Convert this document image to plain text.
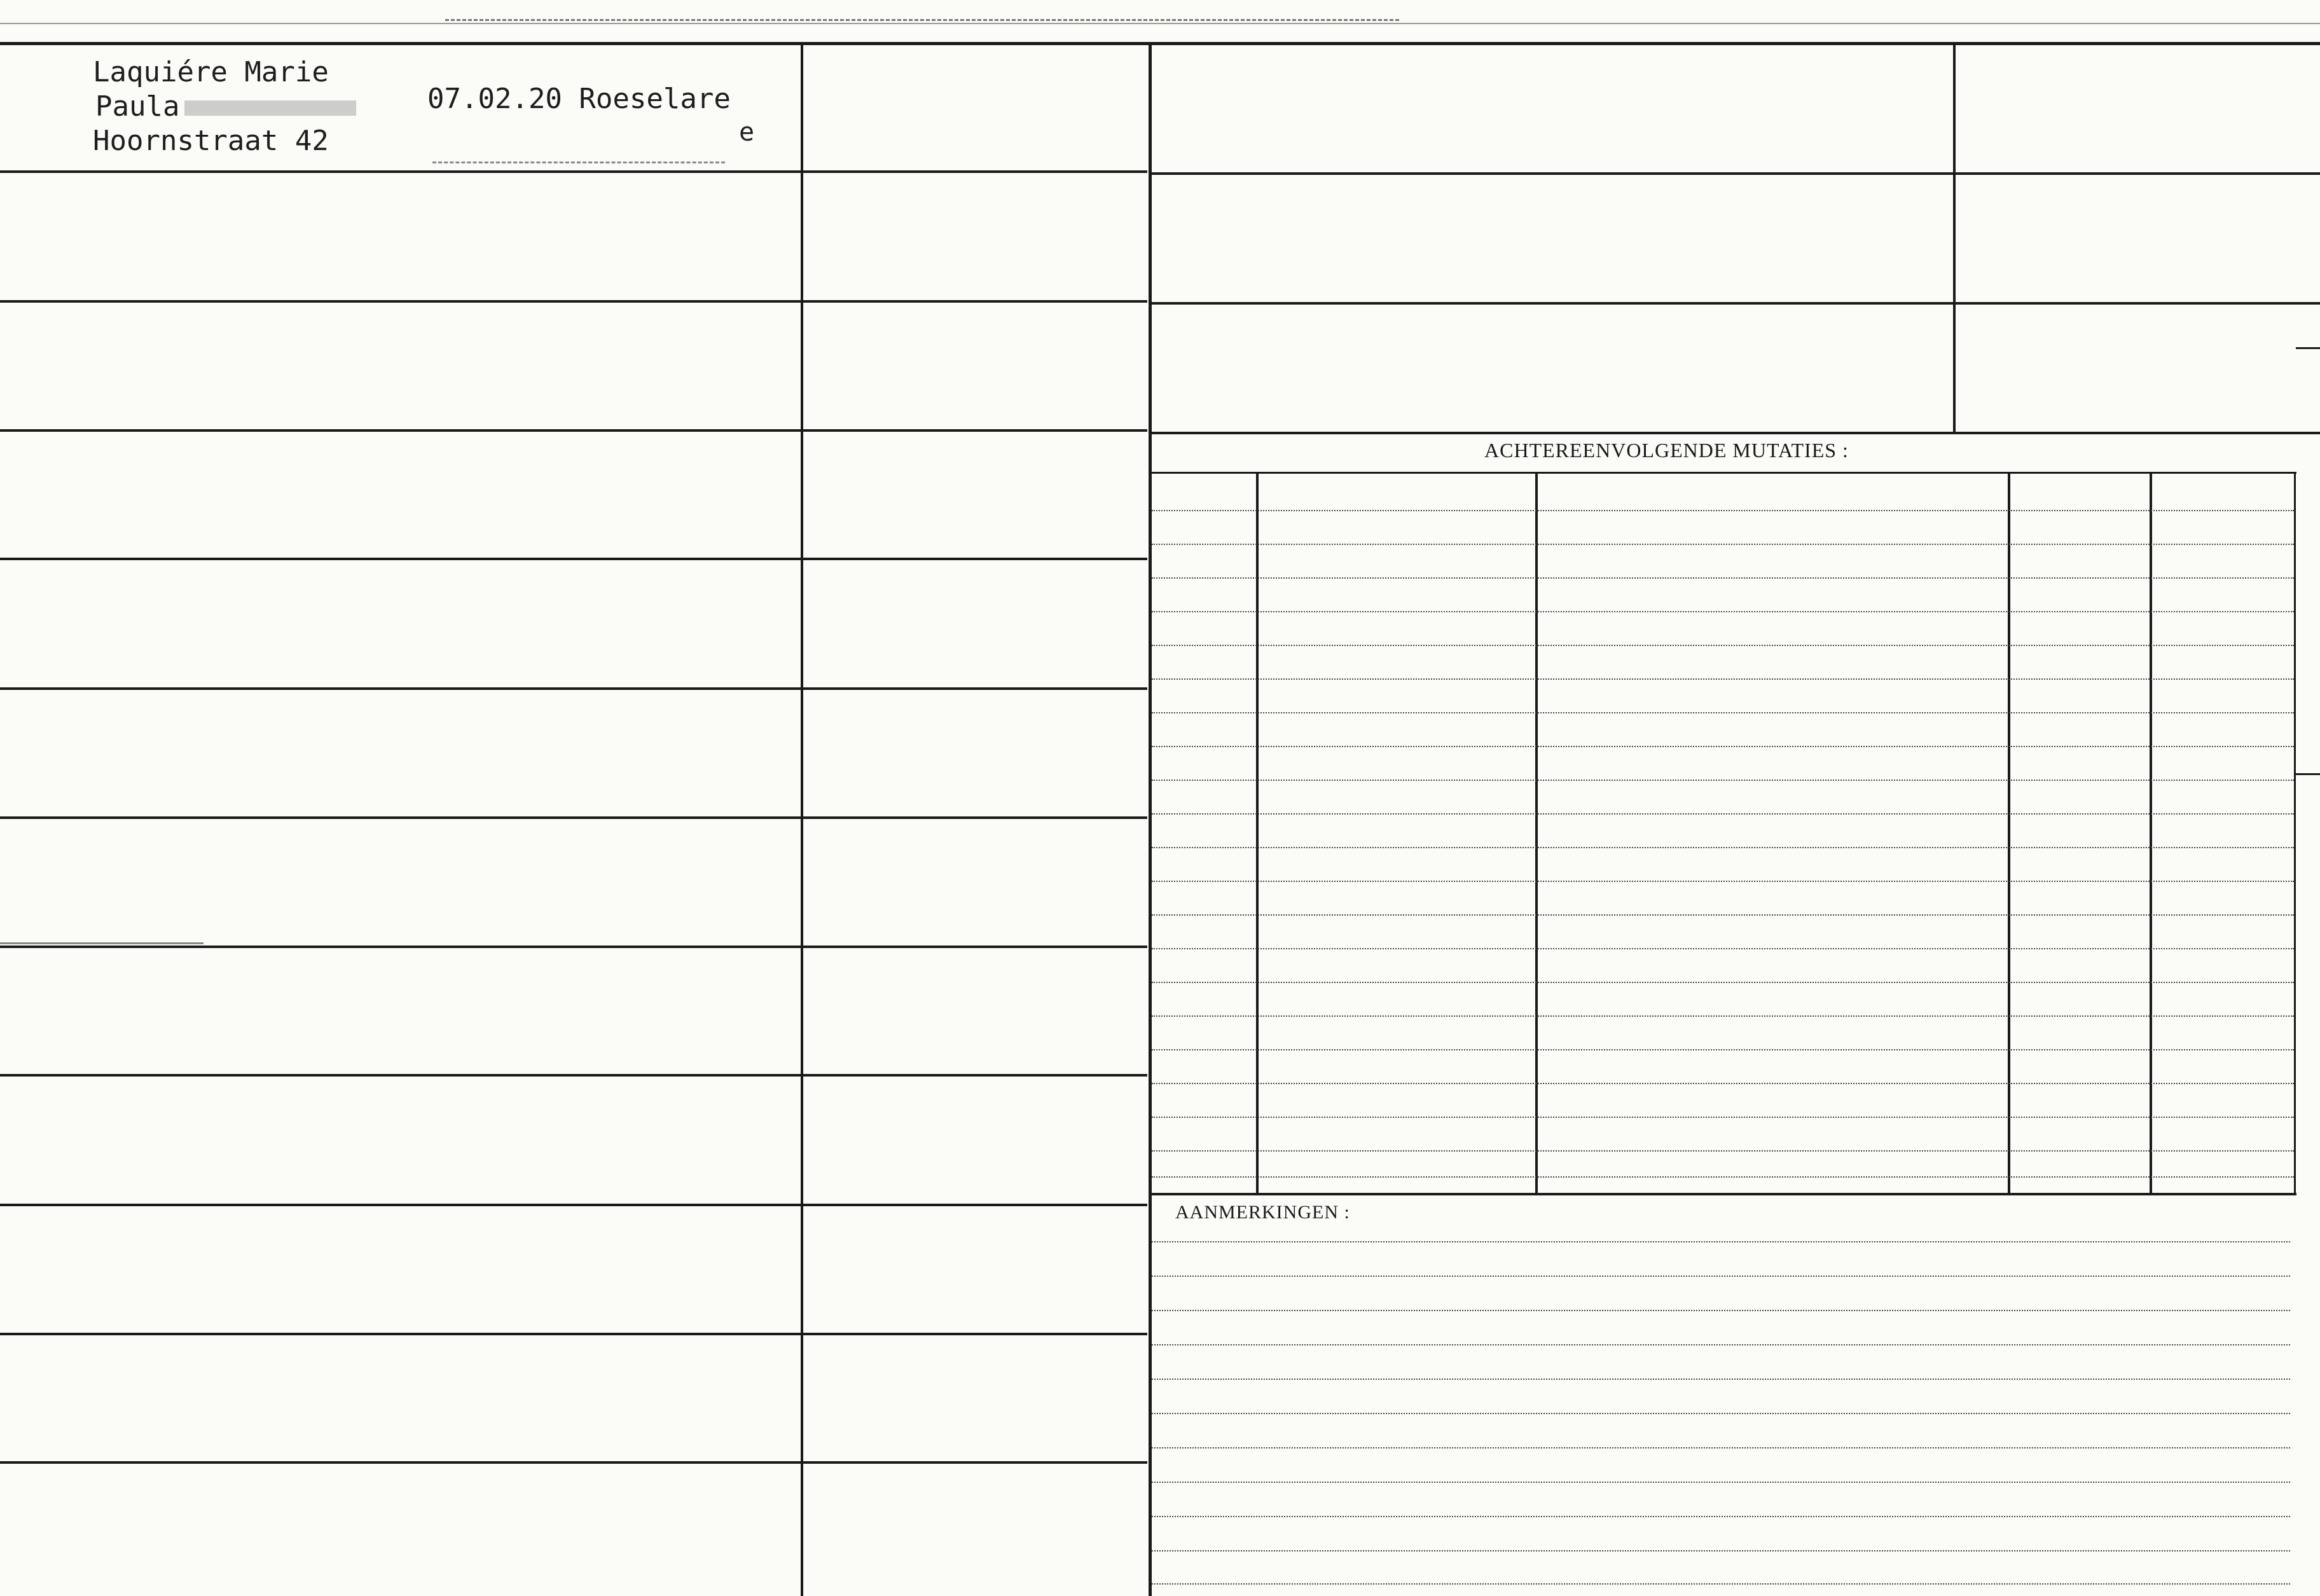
ACHTEREENVOLGENDE MUTATIES :
AANMERKINGEN :
Laquiére Marie
Paula
Hoornstraat 42
07.02.20 Roeselare
e
